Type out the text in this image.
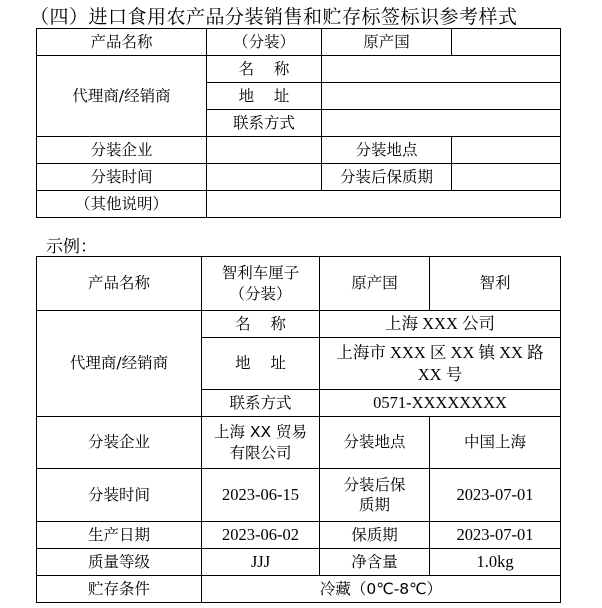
（四）进口食用农产品分装销售和贮存标签标识参考样式
产品名称	（分装）	原产国	
代理商/经销商	名    称		
	地    址		
	联系方式		
分装企业		分装地点	
分装时间		分装后保质期	
（其他说明）			
示例：
产品名称	智利车厘子（分装）	原产国	智利
代理商/经销商	名    称	上海 XXX 公司	
	地    址	上海市 XXX 区 XX 镇 XX 路 XX 号	
	联系方式	0571-XXXXXXXX	
分装企业	上海 XX 贸易有限公司	分装地点	中国上海
分装时间	2023-06-15	分装后保质期	2023-07-01
生产日期	2023-06-02	保质期	2023-07-01
质量等级	JJJ	净含量	1.0kg
贮存条件	冷藏（0℃-8℃）		
